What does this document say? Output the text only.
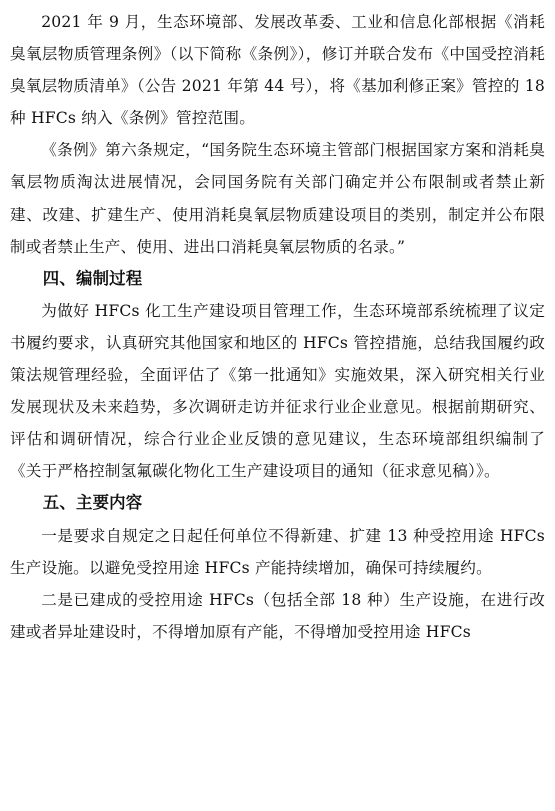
2021 年 9 月，生态环境部、发展改革委、工业和信息化部根据《消耗臭氧层物质管理条例》（以下简称《条例》），修订并联合发布《中国受控消耗臭氧层物质清单》（公告 2021 年第 44 号），将《基加利修正案》管控的 18 种 HFCs 纳入《条例》管控范围。

《条例》第六条规定，“国务院生态环境主管部门根据国家方案和消耗臭氧层物质淘汰进展情况，会同国务院有关部门确定并公布限制或者禁止新建、改建、扩建生产、使用消耗臭氧层物质建设项目的类别，制定并公布限制或者禁止生产、使用、进出口消耗臭氧层物质的名录。”

四、编制过程

为做好 HFCs 化工生产建设项目管理工作，生态环境部系统梳理了议定书履约要求，认真研究其他国家和地区的 HFCs 管控措施，总结我国履约政策法规管理经验，全面评估了《第一批通知》实施效果，深入研究相关行业发展现状及未来趋势，多次调研走访并征求行业企业意见。根据前期研究、评估和调研情况，综合行业企业反馈的意见建议，生态环境部组织编制了《关于严格控制氢氟碳化物化工生产建设项目的通知（征求意见稿）》。

五、主要内容

一是要求自规定之日起任何单位不得新建、扩建 13 种受控用途 HFCs 生产设施。以避免受控用途 HFCs 产能持续增加，确保可持续履约。

二是已建成的受控用途 HFCs（包括全部 18 种）生产设施，在进行改建或者异址建设时，不得增加原有产能，不得增加受控用途 HFCs
